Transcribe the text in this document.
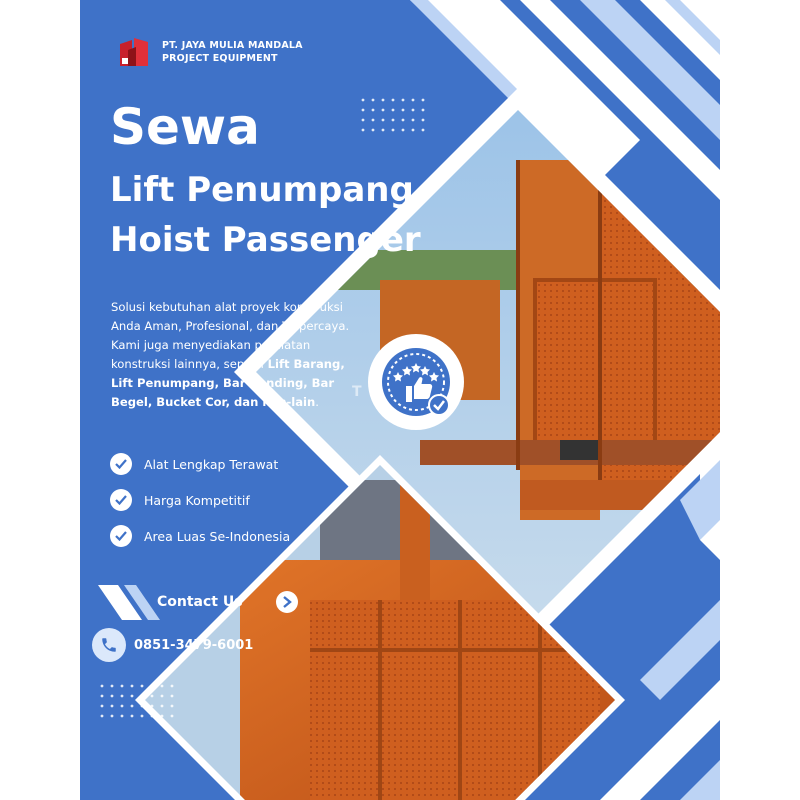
PT. JAYA MULIA MANDALA
PROJECT EQUIPMENT
Sewa
Lift Penumpang
Hoist Passenger
Solusi kebutuhan alat proyek konstruksi Anda Aman, Profesional, dan Terpercaya. Kami juga menyediakan peralatan konstruksi lainnya, seperti Lift Barang, Lift Penumpang, Bar Bending, Bar Begel, Bucket Cor, dan lain-lain.
Alat Lengkap Terawat
Harga Kompetitif
Area Luas Se-Indonesia
Contact Us
0851-3479-6001
T
